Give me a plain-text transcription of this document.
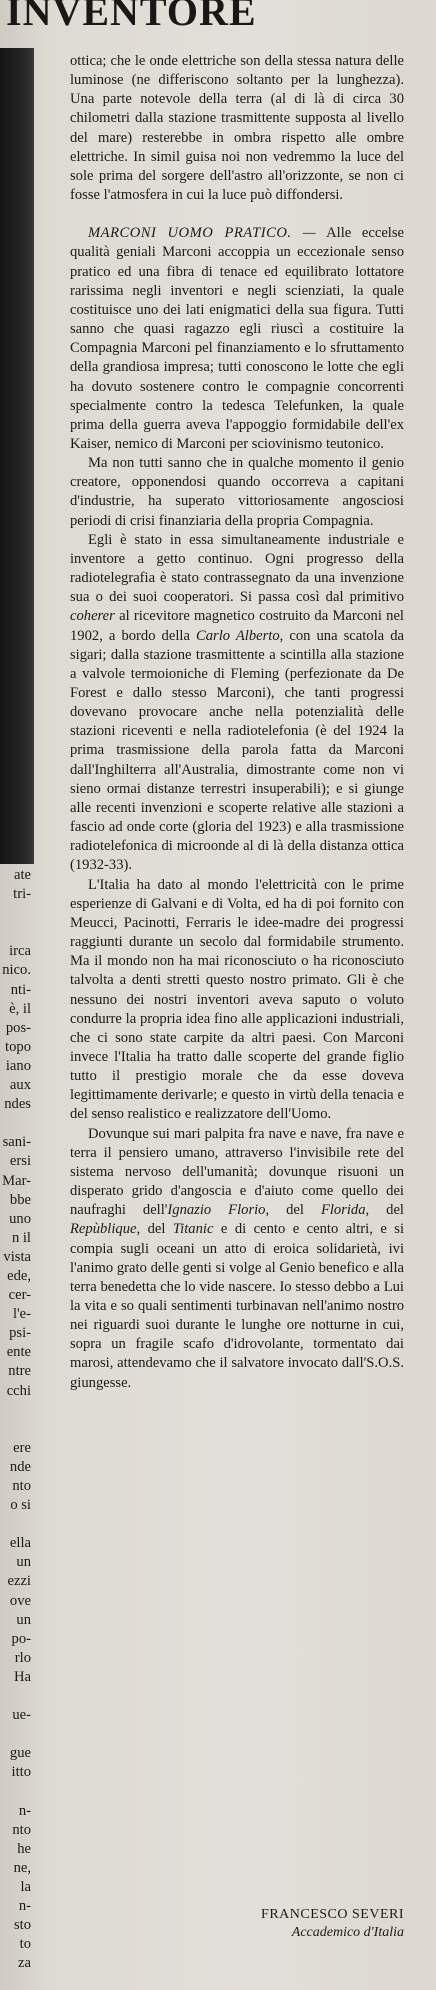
INVENTORE
ate
tri-
irca
nico.
nti-
è, il
pos-
topo
iano
aux
ndes
sani-
ersi
Mar-
bbe
uno
n il
vista
ede,
cer-
l'e-
psi-
ente
ntre
cchi
ere
nde
nto
o si
ella
un
ezzi
ove
un
po-
rlo
Ha
ue-
gue
itto
n-
nto
he
ne,
la
n-
sto
to
za

ottica; che le onde elettriche son della stessa natura delle luminose (ne differiscono soltanto per la lunghezza). Una parte notevole della terra (al di là di circa 30 chilometri dalla stazione trasmittente supposta al livello del mare) resterebbe in ombra rispetto alle ombre elettriche. In simil guisa noi non vedremmo la luce del sole prima del sorgere dell'astro all'orizzonte, se non ci fosse l'atmosfera in cui la luce può diffondersi.

MARCONI UOMO PRATICO. — Alle eccelse qualità geniali Marconi accoppia un eccezionale senso pratico ed una fibra di tenace ed equilibrato lottatore rarissima negli inventori e negli scienziati, la quale costituisce uno dei lati enigmatici della sua figura. Tutti sanno che quasi ragazzo egli riuscì a costituire la Compagnia Marconi pel finanziamento e lo sfruttamento della grandiosa impresa; tutti conoscono le lotte che egli ha dovuto sostenere contro le compagnie concorrenti specialmente contro la tedesca Telefunken, la quale prima della guerra aveva l'appoggio formidabile dell'ex Kaiser, nemico di Marconi per sciovinismo teutonico.

Ma non tutti sanno che in qualche momento il genio creatore, opponendosi quando occorreva a capitani d'industrie, ha superato vittoriosamente angosciosi periodi di crisi finanziaria della propria Compagnia.

Egli è stato in essa simultaneamente industriale e inventore a getto continuo. Ogni progresso della radiotelegrafia è stato contrassegnato da una invenzione sua o dei suoi cooperatori. Si passa così dal primitivo coherer al ricevitore magnetico costruito da Marconi nel 1902, a bordo della Carlo Alberto, con una scatola da sigari; dalla stazione trasmittente a scintilla alla stazione a valvole termoioniche di Fleming (perfezionate da De Forest e dallo stesso Marconi), che tanti progressi dovevano provocare anche nella potenzialità delle stazioni riceventi e nella radiotelefonia (è del 1924 la prima trasmissione della parola fatta da Marconi dall'Inghilterra all'Australia, dimostrante come non vi sieno ormai distanze terrestri insuperabili); e si giunge alle recenti invenzioni e scoperte relative alle stazioni a fascio ad onde corte (gloria del 1923) e alla trasmissione radiotelefonica di microonde al di là della distanza ottica (1932-33).

L'Italia ha dato al mondo l'elettricità con le prime esperienze di Galvani e di Volta, ed ha di poi fornito con Meucci, Pacinotti, Ferraris le idee-madre dei progressi raggiunti durante un secolo dal formidabile strumento. Ma il mondo non ha mai riconosciuto o ha riconosciuto talvolta a denti stretti questo nostro primato. Gli è che nessuno dei nostri inventori aveva saputo o voluto condurre la propria idea fino alle applicazioni industriali, che ci sono state carpite da altri paesi. Con Marconi invece l'Italia ha tratto dalle scoperte del grande figlio tutto il prestigio morale che da esse doveva legittimamente derivarle; e questo in virtù della tenacia e del senso realistico e realizzatore dell'Uomo.

Dovunque sui mari palpita fra nave e nave, fra nave e terra il pensiero umano, attraverso l'invisibile rete del sistema nervoso dell'umanità; dovunque risuoni un disperato grido d'angoscia e d'aiuto come quello dei naufraghi dell'Ignazio Florio, del Florida, del Repùblique, del Titanic e di cento e cento altri, e si compia sugli oceani un atto di eroica solidarietà, ivi l'animo grato delle genti si volge al Genio benefico e alla terra benedetta che lo vide nascere. Io stesso debbo a Lui la vita e so quali sentimenti turbinavan nell'animo nostro nei riguardi suoi durante le lunghe ore notturne in cui, sopra un fragile scafo d'idrovolante, tormentato dai marosi, attendevamo che il salvatore invocato dall'S.O.S. giungesse.

FRANCESCO SEVERI
Accademico d'Italia
